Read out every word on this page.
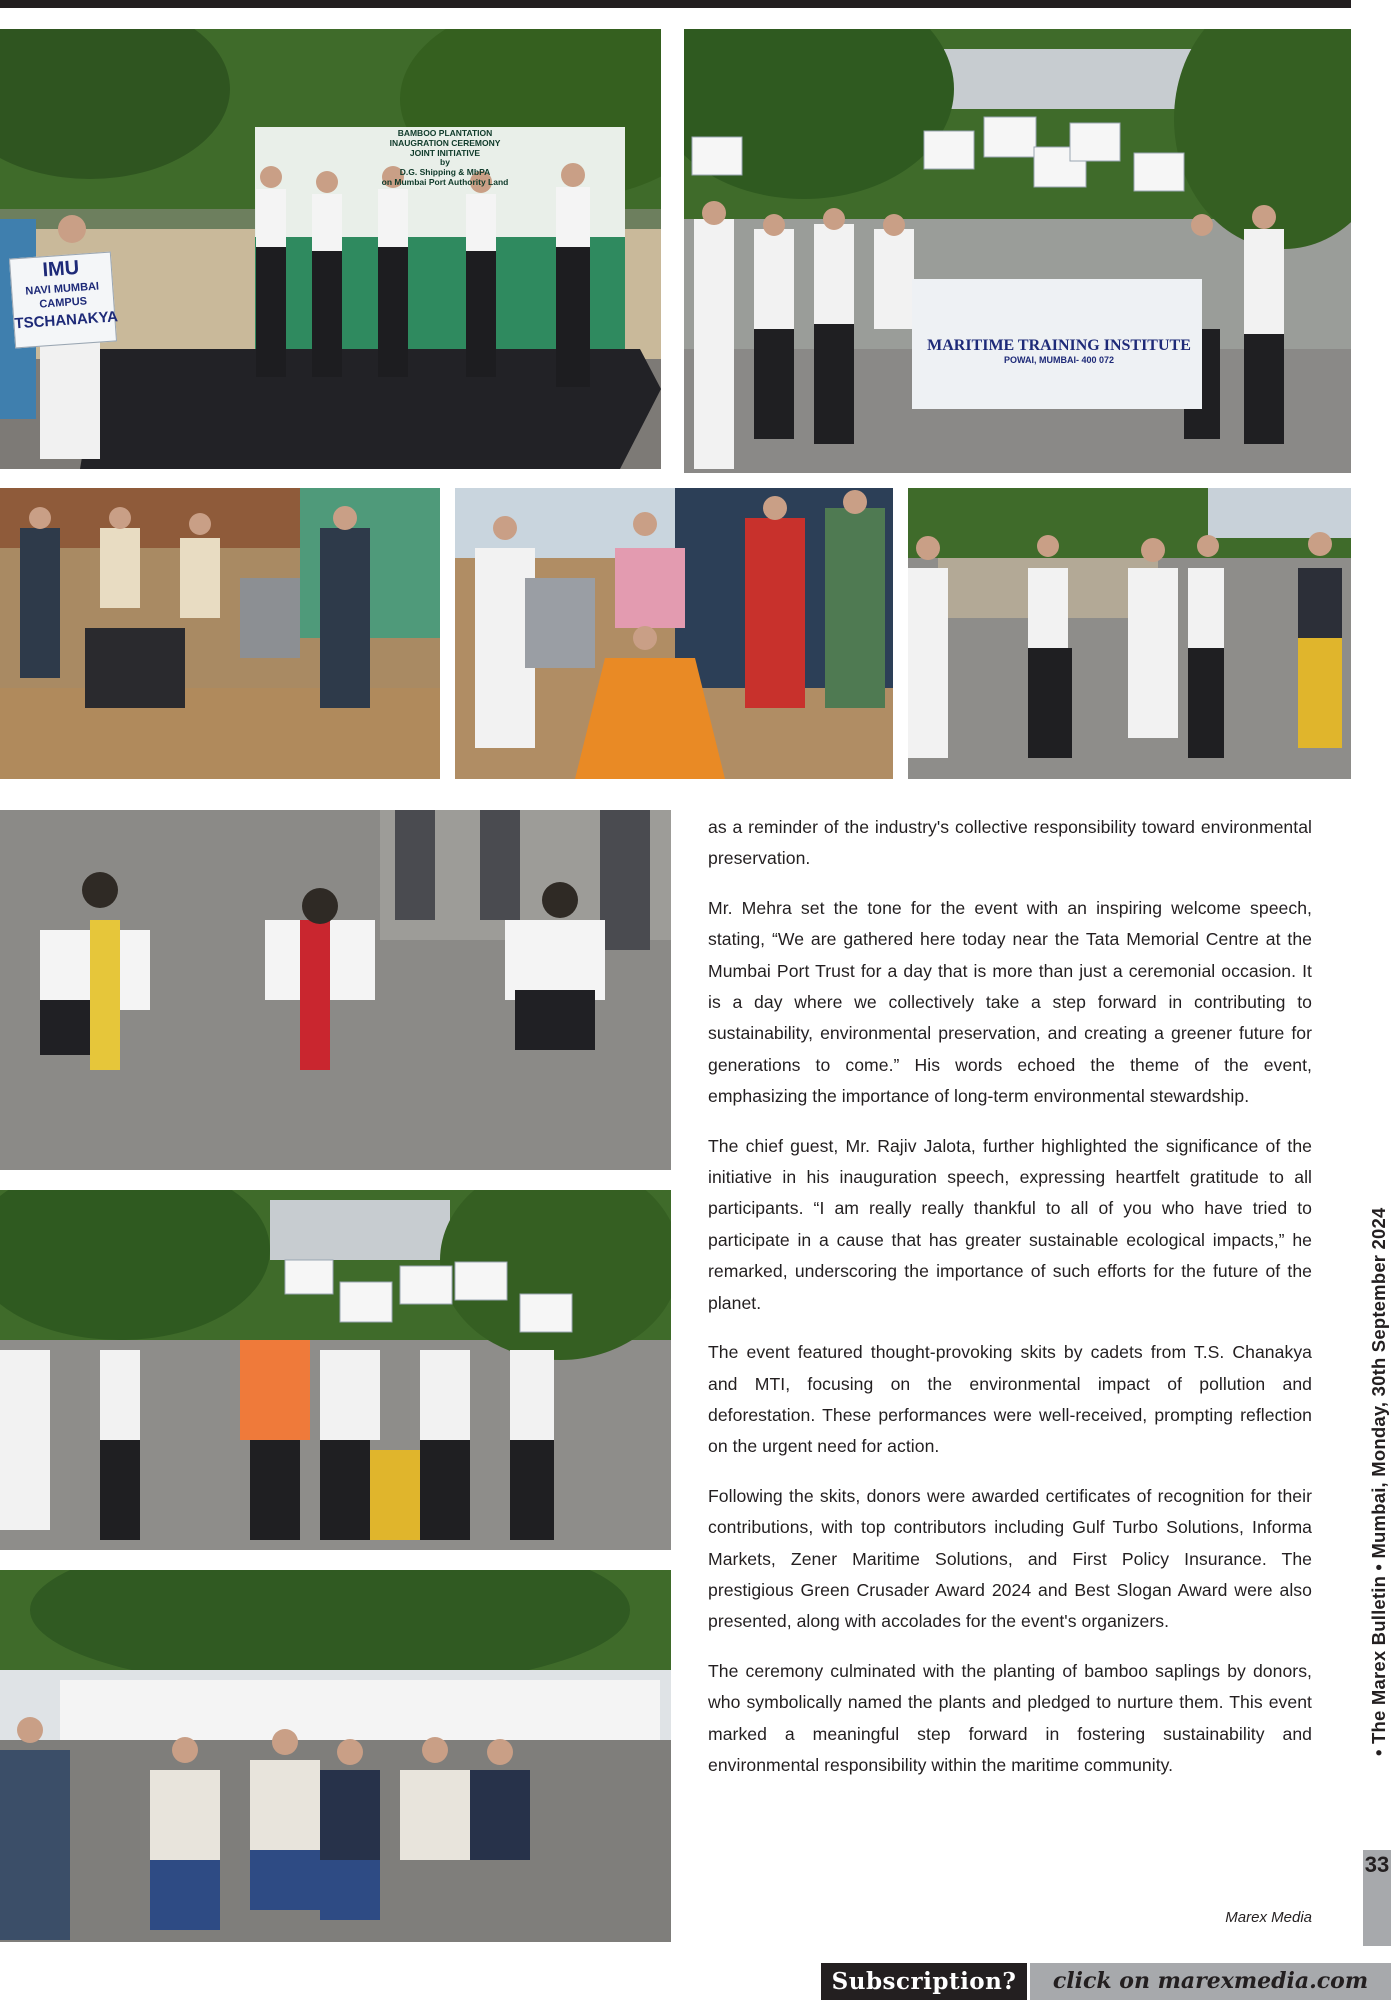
BAMBOO PLANTATION
INAUGRATION CEREMONY
JOINT INITIATIVE
by
D.G. Shipping & MbPA
on Mumbai Port Authority Land
IMU
NAVI MUMBAI CAMPUS
TSCHANAKYA
MARITIME TRAINING INSTITUTE
POWAI, MUMBAI- 400 072

as a reminder of the industry's collective responsibility toward environmental preservation.

Mr. Mehra set the tone for the event with an inspiring welcome speech, stating, “We are gathered here today near the Tata Memorial Centre at the Mumbai Port Trust for a day that is more than just a ceremonial occasion. It is a day where we collectively take a step forward in contributing to sustainability, environmental preservation, and creating a greener future for generations to come.” His words echoed the theme of the event, emphasizing the importance of long-term environmental stewardship.

The chief guest, Mr. Rajiv Jalota, further highlighted the significance of the initiative in his inauguration speech, expressing heartfelt gratitude to all participants. “I am really really thankful to all of you who have tried to participate in a cause that has greater sustainable ecological impacts,” he remarked, underscoring the importance of such efforts for the future of the planet.

The event featured thought-provoking skits by cadets from T.S. Chanakya and MTI, focusing on the environmental impact of pollution and deforestation. These performances were well-received, prompting reflection on the urgent need for action.

Following the skits, donors were awarded certificates of recognition for their contributions, with top contributors including Gulf Turbo Solutions, Informa Markets, Zener Maritime Solutions, and First Policy Insurance. The prestigious Green Crusader Award 2024 and Best Slogan Award were also presented, along with accolades for the event's organizers.

The ceremony culminated with the planting of bamboo saplings by donors, who symbolically named the plants and pledged to nurture them. This event marked a meaningful step forward in fostering sustainability and environmental responsibility within the maritime community.

Marex Media
• The Marex Bulletin • Mumbai, Monday, 30th September 2024
33
Subscription?	click on marexmedia.com
